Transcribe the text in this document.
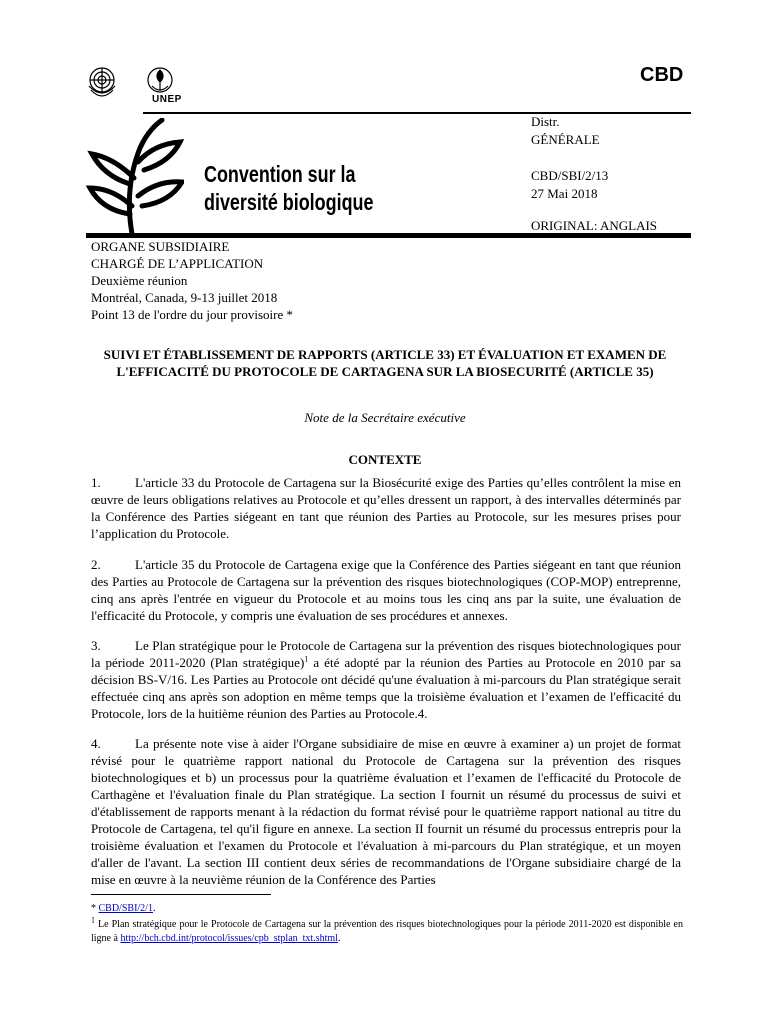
CBD
UNEP
Convention sur la
diversité biologique
Distr.
GÉNÉRALE
CBD/SBI/2/13
27 Mai 2018
ORIGINAL: ANGLAIS
ORGANE SUBSIDIAIRE
CHARGÉ DE L’APPLICATION
Deuxième réunion
Montréal, Canada, 9-13 juillet 2018
Point 13 de l'ordre du jour provisoire *
SUIVI ET ÉTABLISSEMENT DE RAPPORTS (ARTICLE 33) ET ÉVALUATION ET EXAMEN DE L'EFFICACITÉ DU PROTOCOLE DE CARTAGENA SUR LA BIOSECURITÉ (ARTICLE 35)
Note de la Secrétaire exécutive
CONTEXTE
1.	L'article 33 du Protocole de Cartagena sur la Biosécurité exige des Parties qu’elles contrôlent la mise en œuvre de leurs obligations relatives au Protocole et qu’elles dressent un rapport, à des intervalles déterminés par la Conférence des Parties siégeant en tant que réunion des Parties au Protocole, sur les mesures prises pour l’application du Protocole.
2.	L'article 35 du Protocole de Cartagena exige que la Conférence des Parties siégeant en tant que réunion des Parties au Protocole de Cartagena sur la prévention des risques biotechnologiques (COP-MOP) entreprenne, cinq ans après l'entrée en vigueur du Protocole et au moins tous les cinq ans par la suite, une évaluation de l'efficacité du Protocole, y compris une évaluation de ses procédures et annexes.
3.	Le Plan stratégique pour le Protocole de Cartagena sur la prévention des risques biotechnologiques pour la période 2011-2020 (Plan stratégique)$^1$ a été adopté par la réunion des Parties au Protocole en 2010 par sa décision BS-V/16. Les Parties au Protocole ont décidé qu'une évaluation à mi-parcours du Plan stratégique serait effectuée cinq ans après son adoption en même temps que la troisième évaluation et l’examen de l'efficacité du Protocole, lors de la huitième réunion des Parties au Protocole.4.
4.	La présente note vise à aider l'Organe subsidiaire de mise en œuvre à examiner a) un projet de format révisé pour le quatrième rapport national du Protocole de Cartagena sur la prévention des risques biotechnologiques et b) un processus pour la quatrième évaluation et l’examen de l'efficacité du Protocole de Carthagène et l'évaluation finale du Plan stratégique. La section I fournit un résumé du processus de suivi et d'établissement de rapports menant à la rédaction du format révisé pour le quatrième rapport national au titre du Protocole de Cartagena, tel qu'il figure en annexe. La section II fournit un résumé du processus entrepris pour la troisième évaluation et l'examen du Protocole et l'évaluation à mi-parcours du Plan stratégique, et un moyen d'aller de l'avant. La section III contient deux séries de recommandations de l'Organe subsidiaire chargé de la mise en œuvre à la neuvième réunion de la Conférence des Parties
* CBD/SBI/2/1.
$^1$ Le Plan stratégique pour le Protocole de Cartagena sur la prévention des risques biotechnologiques pour la période 2011-2020 est disponible en ligne à http://bch.cbd.int/protocol/issues/cpb_stplan_txt.shtml.
